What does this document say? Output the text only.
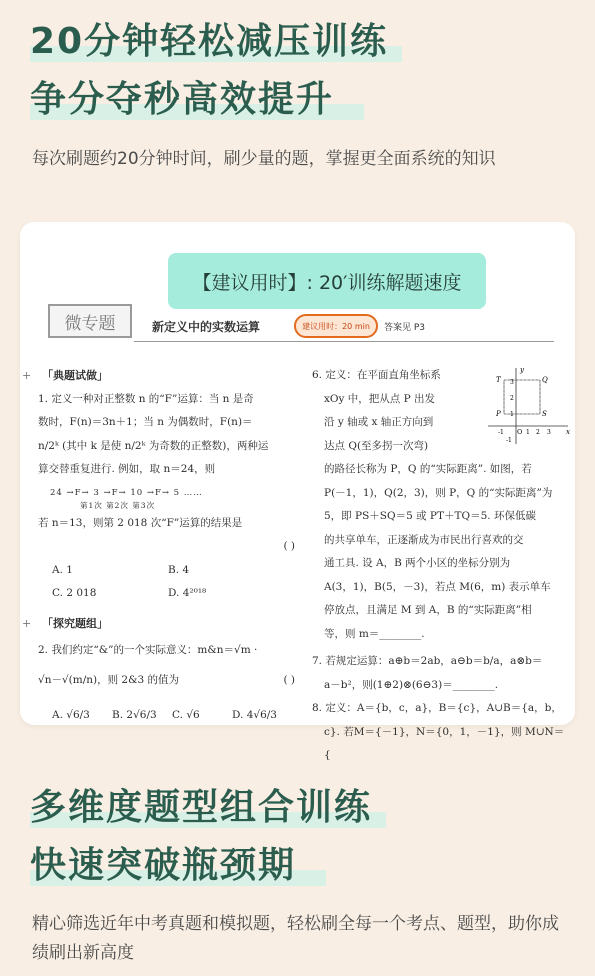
20分钟轻松减压训练
争分夺秒高效提升
每次刷题约20分钟时间，刷少量的题，掌握更全面系统的知识
【建议用时】: 20′训练解题速度
微专题	新定义中的实数运算	建议用时：20 min	答案见 P3
+ 「典题试做」
1. 定义一种对正整数 n 的“F”运算：当 n 是奇
数时，F(n)＝3n＋1；当 n 为偶数时，F(n)＝
n/2ᵏ (其中 k 是使 n/2ᵏ 为奇数的正整数)，两种运
算交替重复进行. 例如，取 n＝24，则
24 →F→ 3 →F→ 10 →F→ 5 ……
第1次 第2次 第3次
若 n＝13，则第 2 018 次“F”运算的结果是
( )
A. 1	B. 4
C. 2 018	D. 4²⁰¹⁸
+ 「探究题组」
2. 我们约定“&”的一个实际意义：m&n＝√m ·
√n－√(m/n)，则 2&3 的值为	( )
A. √6/3	B. 2√6/3	C. √6	D. 4√6/3
y
x
T	Q
P	S
O
-1	1 2 3
-1
1
2
3
6. 定义：在平面直角坐标系
xOy 中，把从点 P 出发
沿 y 轴或 x 轴正方向到
达点 Q(至多拐一次弯)
的路径长称为 P，Q 的“实际距离”. 如图，若
P(－1，1)，Q(2，3)，则 P，Q 的“实际距离”为
5，即 PS＋SQ＝5 或 PT＋TQ＝5. 环保低碳
的共享单车，正逐渐成为市民出行喜欢的交
通工具. 设 A，B 两个小区的坐标分别为
A(3，1)，B(5，－3)，若点 M(6，m) 表示单车
停放点，且满足 M 到 A，B 的“实际距离”相
等，则 m＝________.
7. 若规定运算：a⊕b＝2ab，a⊖b＝b/a，a⊗b＝
a－b²，则(1⊕2)⊗(6⊖3)＝________.
8. 定义：A＝{b，c，a}，B＝{c}，A∪B＝{a，b，
c}. 若M＝{－1}，N＝{0，1，－1}，则 M∪N＝
{
多维度题型组合训练
快速突破瓶颈期
精心筛选近年中考真题和模拟题，轻松刷全每一个考点、题型，助你成绩刷出新高度
